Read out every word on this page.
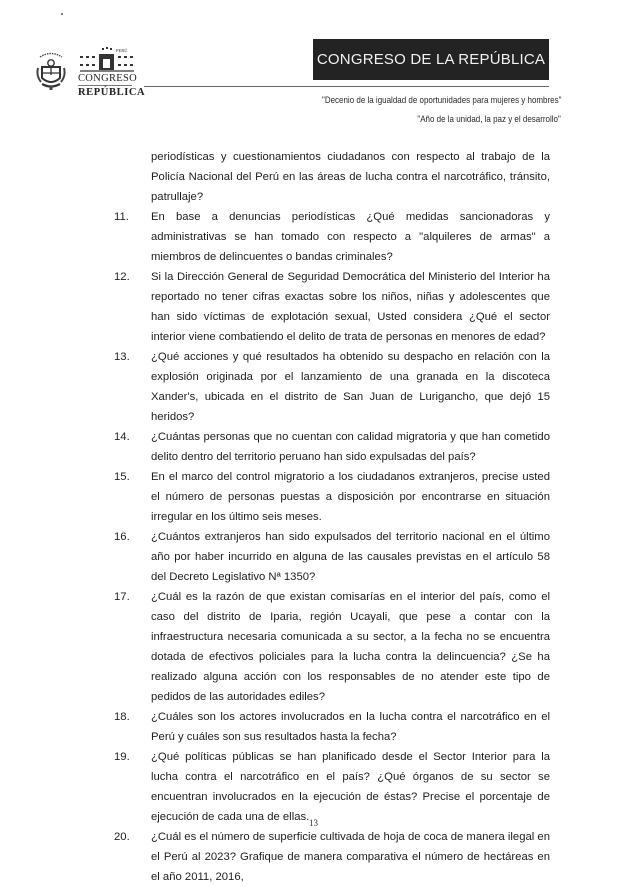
PERÚ
CONGRESO
REPÚBLICA
CONGRESO DE LA REPÚBLICA
"Decenio de la igualdad de oportunidades para mujeres y hombres"
"Año de la unidad, la paz y el desarrollo"
periodísticas y cuestionamientos ciudadanos con respecto al trabajo de la Policía Nacional del Perú en las áreas de lucha contra el narcotráfico, tránsito, patrullaje?
11. En base a denuncias periodísticas ¿Qué medidas sancionadoras y administrativas se han tomado con respecto a "alquileres de armas" a miembros de delincuentes o bandas criminales?
12. Si la Dirección General de Seguridad Democrática del Ministerio del Interior ha reportado no tener cifras exactas sobre los niños, niñas y adolescentes que han sido víctimas de explotación sexual, Usted considera ¿Qué el sector interior viene combatiendo el delito de trata de personas en menores de edad?
13. ¿Qué acciones y qué resultados ha obtenido su despacho en relación con la explosión originada por el lanzamiento de una granada en la discoteca Xander's, ubicada en el distrito de San Juan de Lurigancho, que dejó 15 heridos?
14. ¿Cuántas personas que no cuentan con calidad migratoria y que han cometido delito dentro del territorio peruano han sido expulsadas del país?
15. En el marco del control migratorio a los ciudadanos extranjeros, precise usted el número de personas puestas a disposición por encontrarse en situación irregular en los último seis meses.
16. ¿Cuántos extranjeros han sido expulsados del territorio nacional en el último año por haber incurrido en alguna de las causales previstas en el artículo 58 del Decreto Legislativo Nª 1350?
17. ¿Cuál es la razón de que existan comisarías en el interior del país, como el caso del distrito de Iparia, región Ucayali, que pese a contar con la infraestructura necesaria comunicada a su sector, a la fecha no se encuentra dotada de efectivos policiales para la lucha contra la delincuencia? ¿Se ha realizado alguna acción con los responsables de no atender este tipo de pedidos de las autoridades ediles?
18. ¿Cuáles son los actores involucrados en la lucha contra el narcotráfico en el Perú y cuáles son sus resultados hasta la fecha?
19. ¿Qué políticas públicas se han planificado desde el Sector Interior para la lucha contra el narcotráfico en el país? ¿Qué órganos de su sector se encuentran involucrados en la ejecución de éstas? Precise el porcentaje de ejecución de cada una de ellas.
20. ¿Cuál es el número de superficie cultivada de hoja de coca de manera ilegal en el Perú al 2023? Grafique de manera comparativa el número de hectáreas en el año 2011, 2016,
13
